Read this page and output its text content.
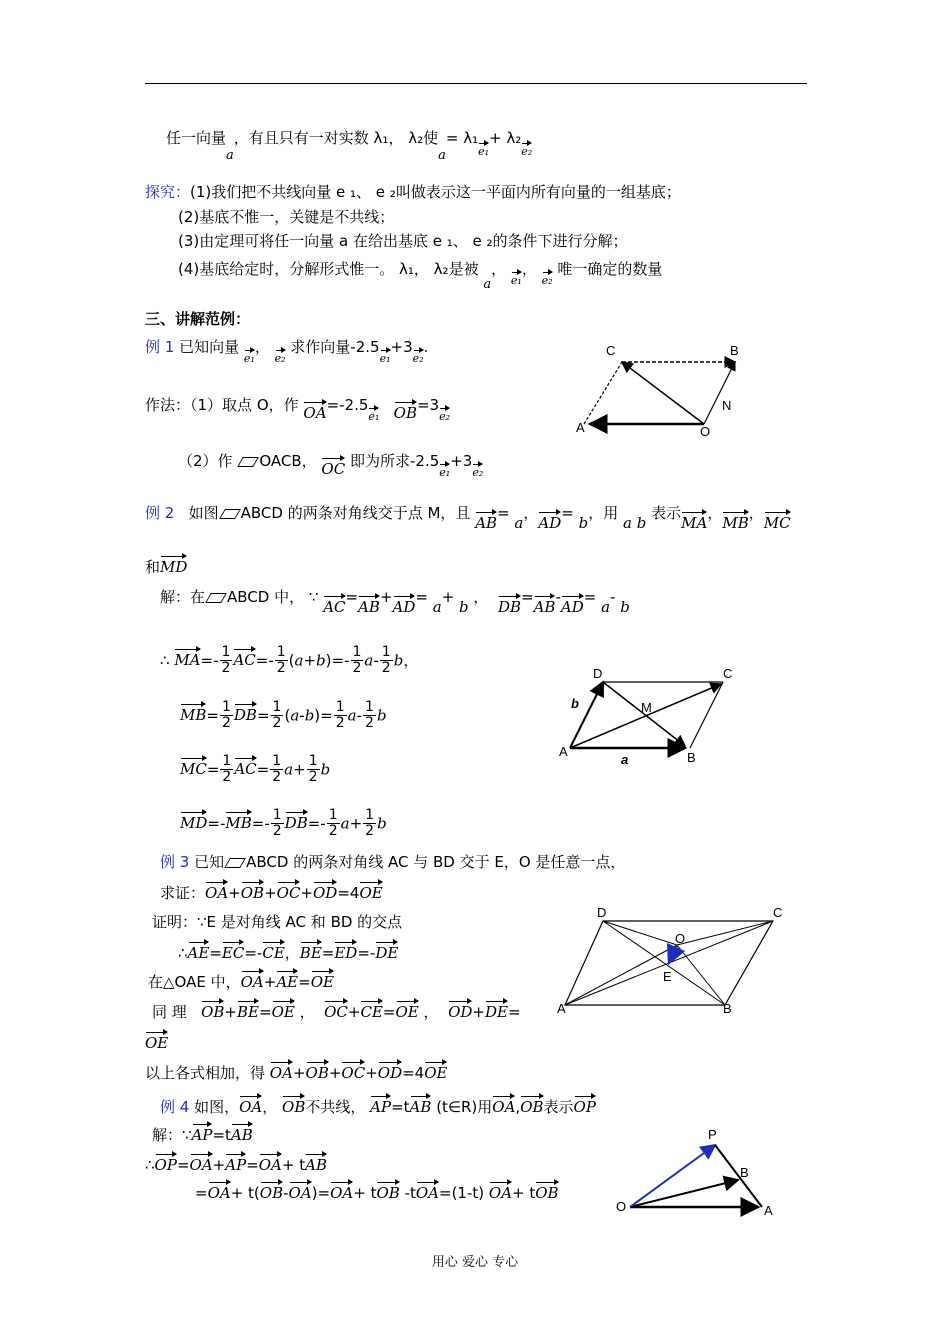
任一向量a，有且只有一对实数 λ₁， λ₂使a= λ₁e₁+ λ₂e₂
探究：(1)我们把不共线向量 e ₁、 e ₂叫做表示这一平面内所有向量的一组基底；
(2)基底不惟一，关键是不共线；
(3)由定理可将任一向量 a 在给出基底 e ₁、 e ₂的条件下进行分解；
(4)基底给定时，分解形式惟一。 λ₁， λ₂是被 a， e₁， e₂ 唯一确定的数量
三、讲解范例：
例 1 已知向量 e₁， e₂ 求作向量-2.5e₁+3e₂.
作法：（1）取点 O，作 OA=-2.5e₁ OB=3e₂
（2）作 OACB， OC 即为所求-2.5e₁+3e₂
C	B
N
A	O
例 2 如图 ABCD 的两条对角线交于点 M，且 AB= a，AD= b，用 a b 表示MA，MB，MC
和MD
解：在 ABCD 中， ∵ AC=AB+AD= a+ b ，  DB=AB-AD= a- b
∴ $MA=- \frac{1}{2} AC=- \frac{1}{2} (a+b)=- \frac{1}{2} a- \frac{1}{2}$ b，
$MB= \frac{1}{2} DB= \frac{1}{2} (a-b)= \frac{1}{2} a- \frac{1}{2}$ b
$MC= \frac{1}{2} AC= \frac{1}{2} a+ \frac{1}{2}$ b
$MD=-MB=- \frac{1}{2} DB=- \frac{1}{2} a+ \frac{1}{2}$ b
D	C
M
A	B
b
a
例 3 已知 ABCD 的两条对角线 AC 与 BD 交于 E，O 是任意一点，
求证：OA+OB+OC+OD=4OE
证明：∵E 是对角线 AC 和 BD 的交点
∴AE=EC=-CE，BE=ED=-DE
在△OAE 中，OA+AE=OE
同 理 OB+BE=OE ，  OC+CE=OE ，  OD+DE=
OE
以上各式相加，得 OA+OB+OC+OD=4OE
D	C
O
E
A	B
例 4 如图，OA， OB不共线， AP=tAB (t∈R)用OA,OB表示OP
解：∵AP=tAB
∴OP=OA+AP=OA+ tAB
=OA+ t(OB-OA)=OA+ tOB -tOA=(1-t) OA+ tOB
P
B
O	A
用心 爱心 专心
